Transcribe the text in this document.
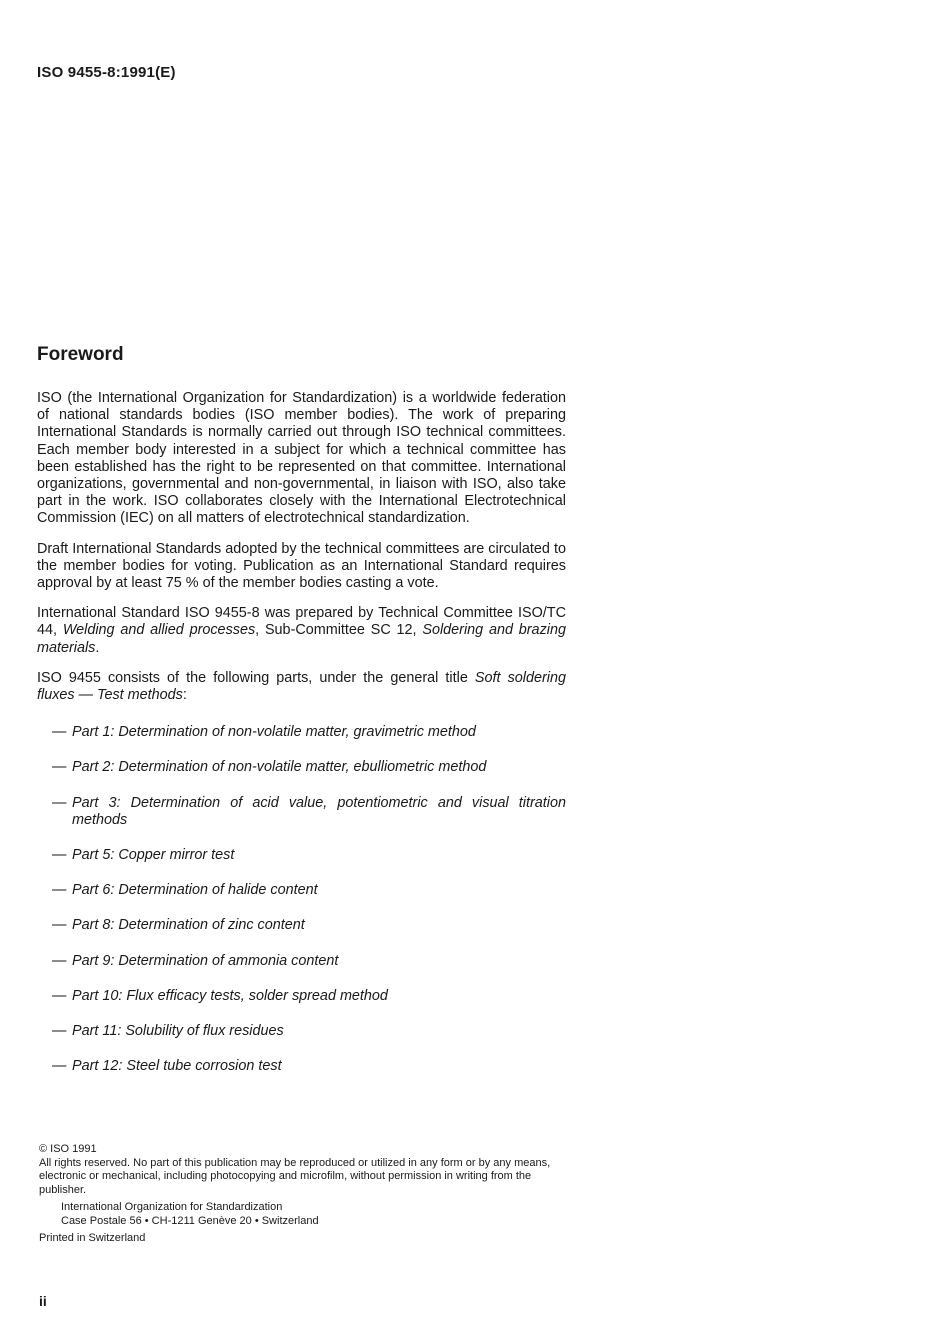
ISO 9455-8:1991(E)
Foreword

ISO (the International Organization for Standardization) is a worldwide federation of national standards bodies (ISO member bodies). The work of preparing International Standards is normally carried out through ISO technical committees. Each member body interested in a subject for which a technical committee has been established has the right to be represented on that committee. International organizations, governmental and non-governmental, in liaison with ISO, also take part in the work. ISO collaborates closely with the International Electrotechnical Commission (IEC) on all matters of electrotechnical standardization.

Draft International Standards adopted by the technical committees are circulated to the member bodies for voting. Publication as an International Standard requires approval by at least 75 % of the member bodies casting a vote.

International Standard ISO 9455-8 was prepared by Technical Committee ISO/TC 44, Welding and allied processes, Sub-Committee SC 12, Soldering and brazing materials.

ISO 9455 consists of the following parts, under the general title Soft soldering fluxes — Test methods:

— Part 1: Determination of non-volatile matter, gravimetric method
— Part 2: Determination of non-volatile matter, ebulliometric method
— Part 3: Determination of acid value, potentiometric and visual titration methods
— Part 5: Copper mirror test
— Part 6: Determination of halide content
— Part 8: Determination of zinc content
— Part 9: Determination of ammonia content
— Part 10: Flux efficacy tests, solder spread method
— Part 11: Solubility of flux residues
— Part 12: Steel tube corrosion test

© ISO 1991

All rights reserved. No part of this publication may be reproduced or utilized in any form or by any means, electronic or mechanical, including photocopying and microfilm, without permission in writing from the publisher.

International Organization for Standardization

Case Postale 56 • CH-1211 Genève 20 • Switzerland

Printed in Switzerland

ii
